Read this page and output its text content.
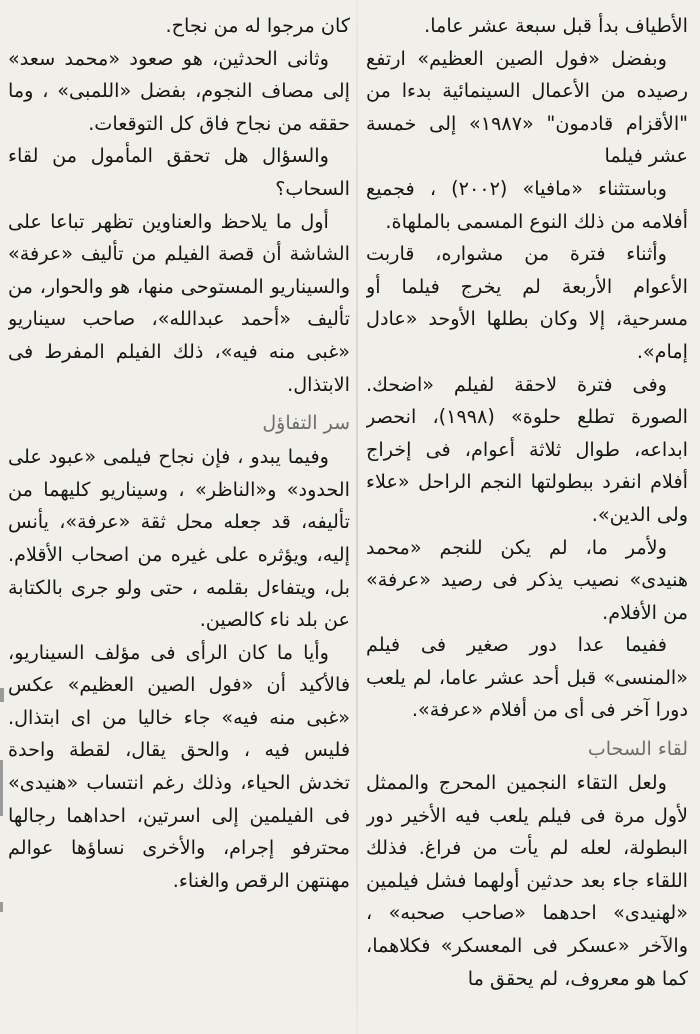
الأطياف بدأ قبل سبعة عشر عاما.

وبفضل «فول الصين العظيم» ارتفع رصيده من الأعمال السينمائية بدءا من "الأقزام قادمون" «١٩٨٧» إلى خمسة عشر فيلما

وباستثناء «مافيا» (٢٠٠٢) ، فجميع أفلامه من ذلك النوع المسمى بالملهاة.

وأثناء فترة من مشواره، قاربت الأعوام الأربعة لم يخرج فيلما أو مسرحية، إلا وكان بطلها الأوحد «عادل إمام».

وفى فترة لاحقة لفيلم «اضحك. الصورة تطلع حلوة» (١٩٩٨)، انحصر ابداعه، طوال ثلاثة أعوام، فى إخراج أفلام انفرد ببطولتها النجم الراحل «علاء ولى الدين».

ولأمر ما، لم يكن للنجم «محمد هنيدى» نصيب يذكر فى رصيد «عرفة» من الأفلام.

ففيما عدا دور صغير فى فيلم «المنسى» قبل أحد عشر عاما، لم يلعب دورا آخر فى أى من أفلام «عرفة».

لقاء السحاب

ولعل التقاء النجمين المحرج والممثل لأول مرة فى فيلم يلعب فيه الأخير دور البطولة، لعله لم يأت من فراغ. فذلك اللقاء جاء بعد حدثين أولهما فشل فيلمين «لهنيدى» احدهما «صاحب صحبه» ، والآخر «عسكر فى المعسكر» فكلاهما، كما هو معروف، لم يحقق ما

كان مرجوا له من نجاح.

وثانى الحدثين، هو صعود «محمد سعد» إلى مصاف النجوم، بفضل «اللمبى» ، وما حققه من نجاح فاق كل التوقعات.

والسؤال هل تحقق المأمول من لقاء السحاب؟

أول ما يلاحظ والعناوين تظهر تباعا على الشاشة أن قصة الفيلم من تأليف «عرفة» والسيناريو المستوحى منها، هو والحوار، من تأليف «أحمد عبدالله»، صاحب سيناريو «غبى منه فيه»، ذلك الفيلم المفرط فى الابتذال.

سر التفاؤل

وفيما يبدو ، فإن نجاح فيلمى «عبود على الحدود» و«الناظر» ، وسيناريو كليهما من تأليفه، قد جعله محل ثقة «عرفة»، يأنس إليه، ويؤثره على غيره من اصحاب الأقلام. بل، ويتفاءل بقلمه ، حتى ولو جرى بالكتابة عن بلد ناء كالصين.

وأيا ما كان الرأى فى مؤلف السيناريو، فالأكيد أن «فول الصين العظيم» عكس «غبى منه فيه» جاء خاليا من اى ابتذال. فليس فيه ، والحق يقال، لقطة واحدة تخدش الحياء، وذلك رغم انتساب «هنيدى» فى الفيلمين إلى اسرتين، احداهما رجالها محترفو إجرام، والأخرى نساؤها عوالم مهنتهن الرقص والغناء.
